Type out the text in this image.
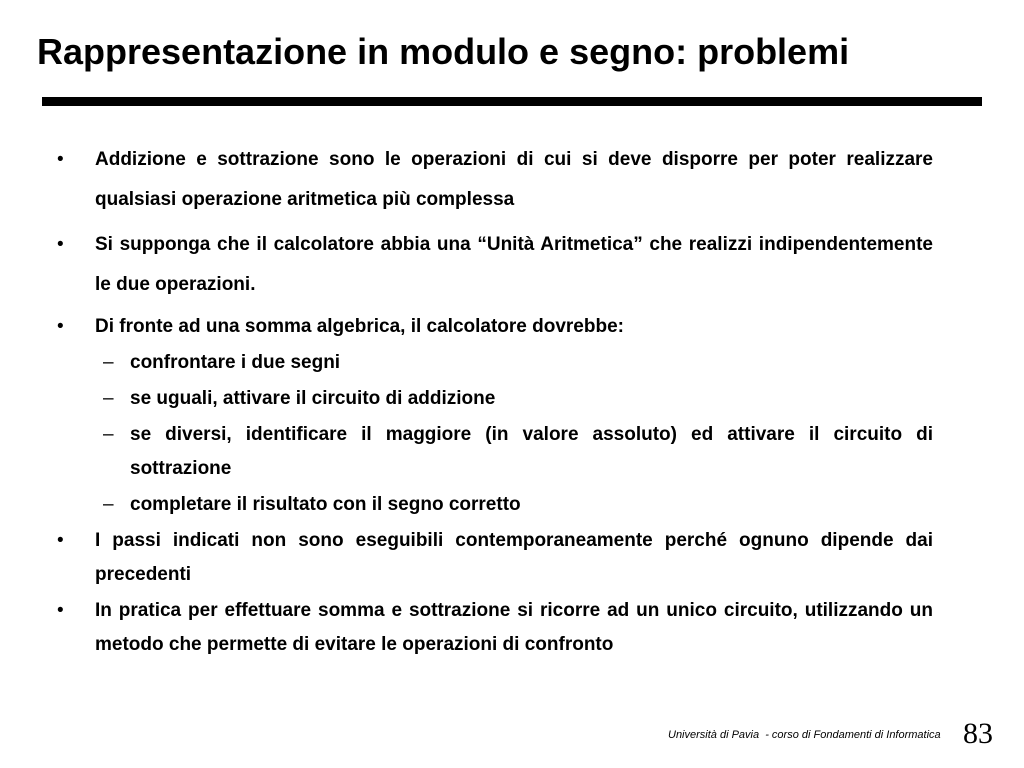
Rappresentazione in modulo e segno: problemi
•	Addizione e sottrazione sono le operazioni di cui si deve disporre per poter realizzare qualsiasi operazione aritmetica più complessa
•	Si supponga che il calcolatore abbia una “Unità Aritmetica” che realizzi indipendentemente le due operazioni.
•	Di fronte ad una somma algebrica, il calcolatore dovrebbe:
– confrontare i due segni
– se uguali, attivare il circuito di addizione
– se diversi, identificare il maggiore (in valore assoluto) ed attivare il circuito di sottrazione
– completare il risultato con il segno corretto
•	I passi indicati non sono eseguibili contemporaneamente perché ognuno dipende dai precedenti
•	In pratica per effettuare somma e sottrazione si ricorre ad un unico circuito, utilizzando un metodo che permette di evitare le operazioni di confronto
Università di Pavia  - corso di Fondamenti di Informatica 83
